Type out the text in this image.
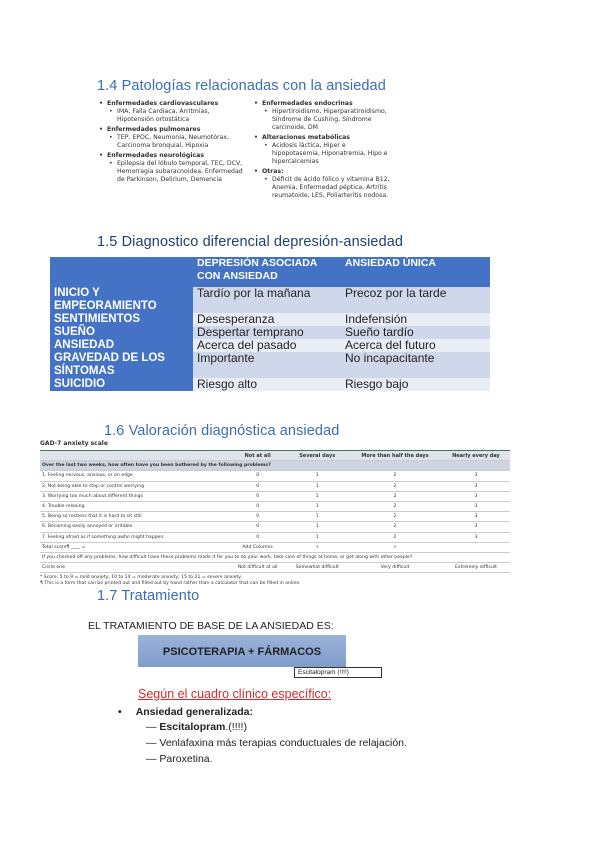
1.4 Patologías relacionadas con la ansiedad
• Enfermedades cardiovasculares
• IMA, Falla Cardiaca, Arritmias, Hipotensión ortostática
• Enfermedades pulmonares
• TEP, EPOC, Neumonía, Neumotórax, Carcinoma bronquial, Hipoxia
• Enfermedades neurológicas
• Epilepsia del lóbulo temporal, TEC, DCV, Hemorragia subaracnoidea, Enfermedad de Parkinson, Delirium, Demencia
• Enfermedades endocrinas
• Hipertiroidismo, Hiperparatiroidismo, Síndrome de Cushing, Síndrome carcinoide, DM
• Alteraciones metabólicas
• Acidosis láctica, Hiper e hipopotasemia, Hiponatremia, Hipo e hipercalcemias
• Otras:
• Déficit de ácido fólico y vitamina B12, Anemia, Enfermedad péptica, Artritis reumatoide, LES, Poliarteritis nodosa.
1.5 Diagnostico diferencial depresión-ansiedad
	DEPRESIÓN ASOCIADA CON ANSIEDAD	ANSIEDAD ÚNICA
INICIO Y EMPEORAMIENTO	Tardío por la mañana	Precoz por la tarde
SENTIMIENTOS	Desesperanza	Indefensión
SUEÑO	Despertar temprano	Sueño tardío
ANSIEDAD	Acerca del pasado	Acerca del futuro
GRAVEDAD DE LOS SÍNTOMAS	Importante	No incapacitante
SUICIDIO	Riesgo alto	Riesgo bajo
1.6 Valoración diagnóstica ansiedad
GAD-7 anxiety scale
	Not at all	Several days	More than half the days	Nearly every day
Over the last two weeks, how often have you been bothered by the following problems?				
1. Feeling nervous, anxious, or on edge	0	1	2	3
2. Not being able to stop or control worrying	0	1	2	3
3. Worrying too much about different things	0	1	2	3
4. Trouble relaxing	0	1	2	3
5. Being so restless that it is hard to sit still	0	1	2	3
6. Becoming easily annoyed or irritable	0	1	2	3
7. Feeling afraid as if something awful might happen	0	1	2	3
Total score¶ ____ =	Add Columns	+	+	
If you checked off any problems, how difficult have these problems made it for you to do your work, take care of things at home, or get along with other people?				
Circle one	Not difficult at all	Somewhat difficult	Very difficult	Extremely difficult
* Score: 5 to 9 = mild anxiety; 10 to 14 = moderate anxiety; 15 to 21 = severe anxiety.
¶ This is a form that can be printed out and filled out by hand rather than a calculator that can be filled in online.
1.7 Tratamiento
EL TRATAMIENTO DE BASE DE LA ANSIEDAD ES:
PSICOTERAPIA + FÁRMACOS
Escitalopram (!!!!)
Según el cuadro clínico específico:
• Ansiedad generalizada:
— Escitalopram.(!!!!)
— Venlafaxina más terapias conductuales de relajación.
— Paroxetina.
